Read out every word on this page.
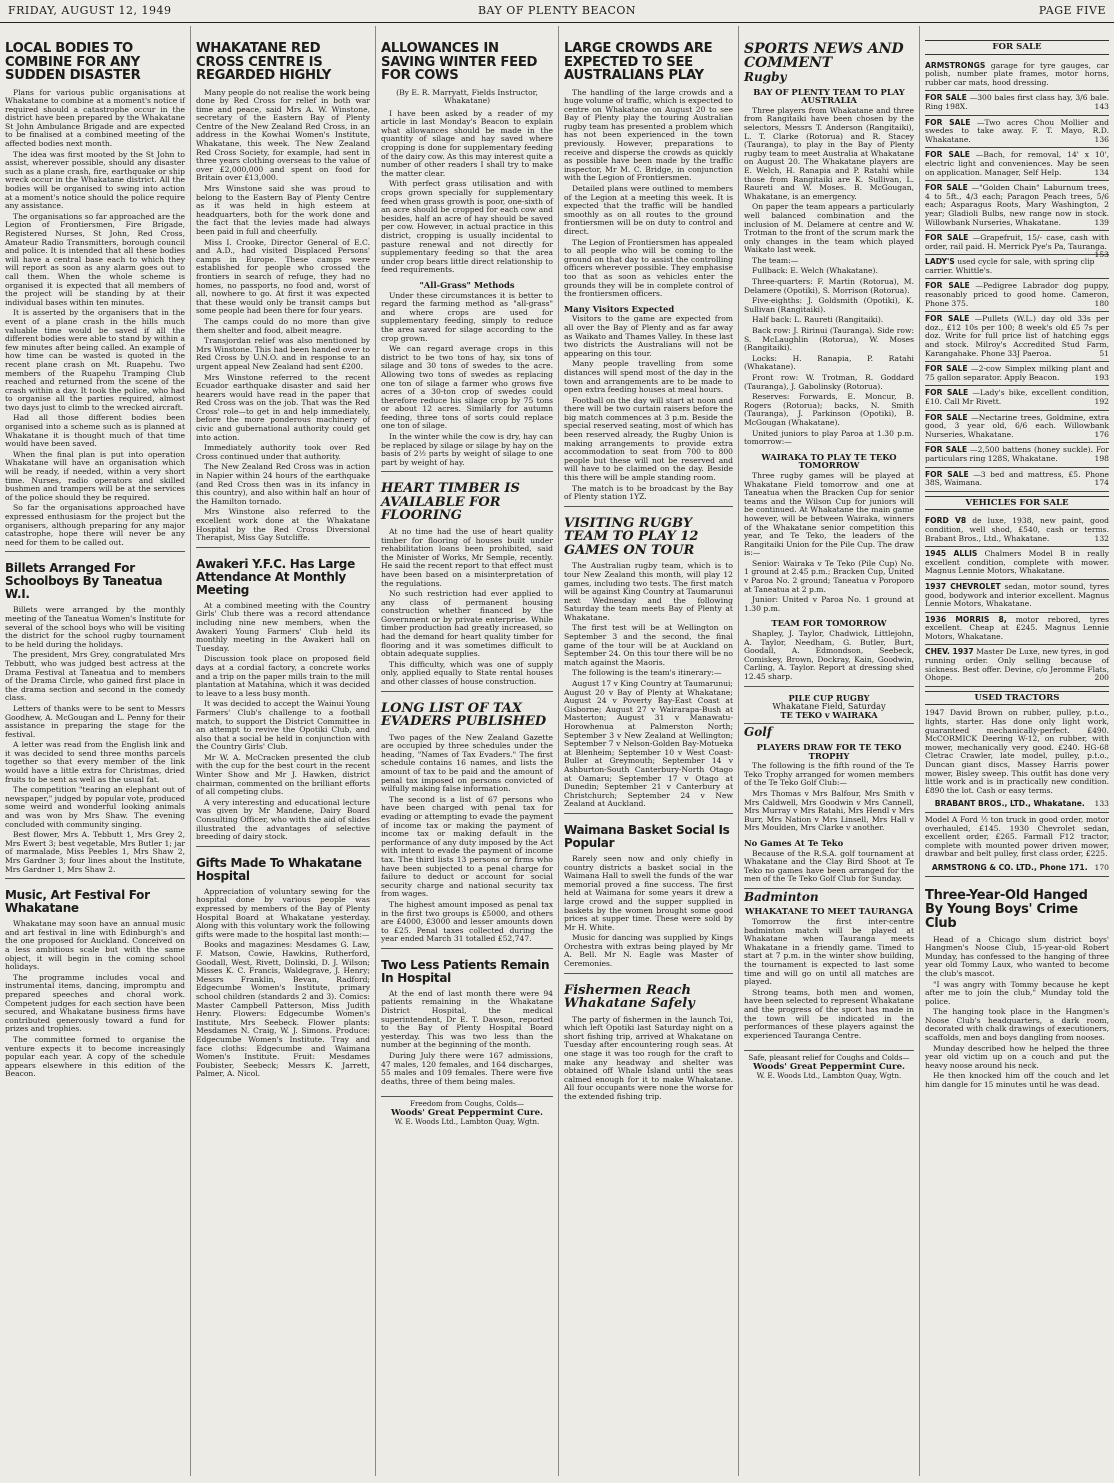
FRIDAY, AUGUST 12, 1949	BAY OF PLENTY BEACON	PAGE FIVE
LOCAL BODIES TO COMBINE FOR ANY SUDDEN DISASTER

Plans for various public organisations at Whakatane to combine at a moment's notice if required should a catastrophe occur in the district have been prepared by the Whakatane St John Ambulance Brigade and are expected to be finalised at a combined meeting of the affected bodies next month.

The idea was first mooted by the St John to assist, wherever possible, should any disaster such as a plane crash, fire, earthquake or ship wreck occur in the Whakatane district. All the bodies will be organised to swing into action at a moment's notice should the police require any assistance.

The organisations so far approached are the Legion of Frontiersmen, Fire Brigade, Registered Nurses, St John, Red Cross, Amateur Radio Transmitters, borough council and police. It is intended that all these bodies will have a central base each to which they will report as soon as any alarm goes out to call them. When the whole scheme is organised it is expected that all members of the project will be standing by at their individual bases within ten minutes.

It is asserted by the organisers that in the event of a plane crash in the hills much valuable time would be saved if all the different bodies were able to stand by within a few minutes after being called. An example of how time can be wasted is quoted in the recent plane crash on Mt. Ruapehu. Two members of the Ruapehu Tramping Club reached and returned from the scene of the crash within a day. It took the police, who had to organise all the parties required, almost two days just to climb to the wrecked aircraft.

Had all those different bodies been organised into a scheme such as is planned at Whakatane it is thought much of that time would have been saved.

When the final plan is put into operation Whakatane will have an organisation which will be ready, if needed, within a very short time. Nurses, radio operators and skilled bushmen and trampers will be at the services of the police should they be required.

So far the organisations approached have expressed enthusiasm for the project but the organisers, although preparing for any major catastrophe, hope there will never be any need for them to be called out.

Billets Arranged For Schoolboys By Taneatua W.I.

Billets were arranged by the monthly meeting of the Taneatua Women's Institute for several of the school boys who will be visiting the district for the school rugby tournament to be held during the holidays.

The president, Mrs Grey, congratulated Mrs Tebbutt, who was judged best actress at the Drama Festival at Taneatua and to members of the Drama Circle, who gained first place in the drama section and second in the comedy class.

Letters of thanks were to be sent to Messrs Goodhew, A. McGougan and L. Penny for their assistance in preparing the stage for the festival.

A letter was read from the English link and it was decided to send three months parcels together so that every member of the link would have a little extra for Christmas, dried fruits to be sent as well as the usual fat.

The competition "tearing an elephant out of newspaper," judged by popular vote, produced some weird and wonderful looking animals and was won by Mrs Shaw. The evening concluded with community singing.

Best flower, Mrs A. Tebbutt 1, Mrs Grey 2, Mrs Ewert 3; best vegetable, Mrs Butler 1; jar of marmalade, Miss Peebles 1, Mrs Shaw 2, Mrs Gardner 3; four lines about the Institute, Mrs Gardner 1, Mrs Shaw 2.

Music, Art Festival For Whakatane

Whakatane may soon have an annual music and art festival in line with Edinburgh's and the one proposed for Auckland. Conceived on a less ambitious scale but with the same object, it will begin in the coming school holidays.

The programme includes vocal and instrumental items, dancing, impromptu and prepared speeches and choral work. Competent judges for each section have been secured, and Whakatane business firms have contributed generously toward a fund for prizes and trophies.

The committee formed to organise the venture expects it to become increasingly popular each year. A copy of the schedule appears elsewhere in this edition of the Beacon.

WHAKATANE RED CROSS CENTRE IS REGARDED HIGHLY

Many people do not realise the work being done by Red Cross for relief in both war time and peace, said Mrs A. W. Winstone, secretary of the Eastern Bay of Plenty Centre of the New Zealand Red Cross, in an address in the Kowhai Women's Institute, Whakatane, this week. The New Zealand Red Cross Society, for example, had sent in three years clothing overseas to the value of over £2,000,000 and spent on food for Britain over £13,000.

Mrs Winstone said she was proud to belong to the Eastern Bay of Plenty Centre as it was held in high esteem at headquarters, both for the work done and the fact that the levies made had always been paid in full and cheerfully.

Miss I. Crooke, Director General of E.C. and A.D., had visited Displaced Persons' camps in Europe. These camps were established for people who crossed the frontiers in search of refuge, they had no homes, no passports, no food and, worst of all, nowhere to go. At first it was expected that these would only be transit camps but some people had been there for four years.

The camps could do no more than give them shelter and food, albeit meagre.

Transjordan relief was also mentioned by Mrs Winstone. This had been handed over to Red Cross by U.N.O. and in response to an urgent appeal New Zealand had sent £200.

Mrs Winstone referred to the recent Ecuador earthquake disaster and said her hearers would have read in the paper that Red Cross was on the job. That was the Red Cross' role—to get in and help immediately, before the more ponderous machinery of civic and gubernational authority could get into action.

Immediately authority took over Red Cross continued under that authority.

The New Zealand Red Cross was in action in Napier within 24 hours of the earthquake (and Red Cross then was in its infancy in this country), and also within half an hour of the Hamilton tornado.

Mrs Winstone also referred to the excellent work done at the Whakatane Hospital by the Red Cross Diversional Therapist, Miss Gay Sutcliffe.

Awakeri Y.F.C. Has Large Attendance At Monthly Meeting

At a combined meeting with the Country Girls' Club there was a record attendance including nine new members, when the Awakeri Young Farmers' Club held its monthly meeting in the Awakeri hall on Tuesday.

Discussion took place on proposed field days at a cordial factory, a concrete works and a trip on the paper mills train to the mill plantation at Matahina, which it was decided to leave to a less busy month.

It was decided to accept the Wainui Young Farmers' Club's challenge to a football match, to support the District Committee in an attempt to revive the Opotiki Club, and also that a social be held in conjunction with the Country Girls' Club.

Mr W. A. McCracken presented the club with the cup for the best court in the recent Winter Show and Mr J. Hawken, district chairman, commented on the brilliant efforts of all competing clubs.

A very interesting and educational lecture was given by Mr Mandene, Dairy Board Consulting Officer, who with the aid of slides illustrated the advantages of selective breeding of dairy stock.

Gifts Made To Whakatane Hospital

Appreciation of voluntary sewing for the hospital done by various people was expressed by members of the Bay of Plenty Hospital Board at Whakatane yesterday. Along with this voluntary work the following gifts were made to the hospital last month:—

Books and magazines: Mesdames G. Law, F. Matson, Cowie, Hawkins, Rutherford, Goodall, West, Rivett, Dolinski, D. J. Wilson; Misses K. C. Francis, Waldegrave, J. Henry; Messrs Franklin, Bevan, Radford; Edgecumbe Women's Institute, primary school children (standards 2 and 3). Comics: Master Campbell Patterson, Miss Judith Henry. Flowers: Edgecumbe Women's Institute, Mrs Seebeck. Flower plants: Mesdames N. Craig, W. J. Simons. Produce: Edgecumbe Women's Institute. Tray and face cloths: Edgecumbe and Waimana Women's Institute. Fruit: Mesdames Foubister, Seebeck; Messrs K. Jarrett, Palmer, A. Nicol.

ALLOWANCES IN SAVING WINTER FEED FOR COWS
(By E. R. Marryatt, Fields Instructor, Whakatane)

I have been asked by a reader of my article in last Monday's Beacon to explain what allowances should be made in the quantity of silage and hay saved where cropping is done for supplementary feeding of the dairy cow. As this may interest quite a number of other readers I shall try to make the matter clear.

With perfect grass utilisation and with crops grown specially for supplementary feed when grass growth is poor, one-sixth of an acre should be cropped for each cow and besides, half an acre of hay should be saved per cow. However, in actual practice in this district, cropping is usually incidental to pasture renewal and not directly for supplementary feeding so that the area under crop bears little direct relationship to feed requirements.

"All-Grass" Methods

Under these circumstances it is better to regard the farming method as "all-grass" and where crops are used for supplementary feeding, simply to reduce the area saved for silage according to the crop grown.

We can regard average crops in this district to be two tons of hay, six tons of silage and 30 tons of swedes to the acre. Allowing two tons of swedes as replacing one ton of silage a farmer who grows five acres of a 30-ton crop of swedes could therefore reduce his silage crop by 75 tons or about 12 acres. Similarly for autumn feeding, three tons of sorts could replace one ton of silage.

In the winter while the cow is dry, hay can be replaced by silage or silage by hay on the basis of 2½ parts by weight of silage to one part by weight of hay.

HEART TIMBER IS AVAILABLE FOR FLOORING

At no time had the use of heart quality timber for flooring of houses built under rehabilitation loans been prohibited, said the Minister of Works, Mr Semple, recently. He said the recent report to that effect must have been based on a misinterpretation of the regulations.

No such restriction had ever applied to any class of permanent housing construction whether financed by the Government or by private enterprise. While timber production had greatly increased, so had the demand for heart quality timber for flooring and it was sometimes difficult to obtain adequate supplies.

This difficulty, which was one of supply only, applied equally to State rental houses and other classes of house construction.

LONG LIST OF TAX EVADERS PUBLISHED

Two pages of the New Zealand Gazette are occupied by three schedules under the heading, "Names of Tax Evaders." The first schedule contains 16 names, and lists the amount of tax to be paid and the amount of penal tax imposed on persons convicted of wilfully making false information.

The second is a list of 67 persons who have been charged with penal tax for evading or attempting to evade the payment of income tax or making the payment of income tax or making default in the performance of any duty imposed by the Act with intent to evade the payment of income tax. The third lists 13 persons or firms who have been subjected to a penal charge for failure to deduct or account for social security charge and national security tax from wages.

The highest amount imposed as penal tax in the first two groups is £5000, and others are £4000, £3000 and lesser amounts down to £25. Penal taxes collected during the year ended March 31 totalled £52,747.

Two Less Patients Remain In Hospital

At the end of last month there were 94 patients remaining in the Whakatane District Hospital, the medical superintendent, Dr E. T. Dawson, reported to the Bay of Plenty Hospital Board yesterday. This was two less than the number at the beginning of the month.

During July there were 167 admissions, 47 males, 120 females, and 164 discharges, 55 males and 109 females. There were five deaths, three of them being males.

Freedom from Coughs, Colds—
Woods' Great Peppermint Cure.
W. E. Woods Ltd., Lambton Quay, Wgtn.
LARGE CROWDS ARE EXPECTED TO SEE AUSTRALIANS PLAY

The handling of the large crowds and a huge volume of traffic, which is expected to centre on Whakatane on August 20 to see Bay of Plenty play the touring Australian rugby team has presented a problem which has not been experienced in the town previously. However, preparations to receive and disperse the crowds as quickly as possible have been made by the traffic inspector, Mr M. C. Bridge, in conjunction with the Legion of Frontiersmen.

Detailed plans were outlined to members of the Legion at a meeting this week. It is expected that the traffic will be handled smoothly as on all routes to the ground frontiersmen will be on duty to control and direct.

The Legion of Frontiersmen has appealed to all people who will be coming to the ground on that day to assist the controlling officers wherever possible. They emphasise too that as soon as vehicles enter the grounds they will be in complete control of the frontiersmen officers.

Many Visitors Expected

Visitors to the game are expected from all over the Bay of Plenty and as far away as Waikato and Thames Valley. In these last two districts the Australians will not be appearing on this tour.

Many people travelling from some distances will spend most of the day in the town and arrangements are to be made to open extra feeding houses at meal hours.

Football on the day will start at noon and there will be two curtain raisers before the big match commences at 3 p.m. Beside the special reserved seating, most of which has been reserved already, the Rugby Union is making arrangements to provide extra accommodation to seat from 700 to 800 people but these will not be reserved and will have to be claimed on the day. Beside this there will be ample standing room.

The match is to be broadcast by the Bay of Plenty station 1YZ.

VISITING RUGBY TEAM TO PLAY 12 GAMES ON TOUR

The Australian rugby team, which is to tour New Zealand this month, will play 12 games, including two tests. The first match will be against King Country at Taumarunui next Wednesday and the following Saturday the team meets Bay of Plenty at Whakatane.

The first test will be at Wellington on September 3 and the second, the final game of the tour will be at Auckland on September 24. On this tour there will be no match against the Maoris.

The following is the team's itinerary:—

August 17 v King Country at Taumarunui; August 20 v Bay of Plenty at Whakatane; August 24 v Poverty Bay-East Coast at Gisborne; August 27 v Wairarapa-Bush at Masterton; August 31 v Manawatu-Horowhenua at Palmerston North; September 3 v New Zealand at Wellington; September 7 v Nelson-Golden Bay-Motueka at Blenheim; September 10 v West Coast-Buller at Greymouth; September 14 v Ashburton-South Canterbury-North Otago at Oamaru; September 17 v Otago at Dunedin; September 21 v Canterbury at Christchurch; September 24 v New Zealand at Auckland.

Waimana Basket Social Is Popular

Rarely seen now and only chiefly in country districts a basket social in the Waimana Hall to swell the funds of the war memorial proved a fine success. The first held at Waimana for some years it drew a large crowd and the supper supplied in baskets by the women brought some good prices at supper time. These were sold by Mr H. White.

Music for dancing was supplied by Kings Orchestra with extras being played by Mr A. Bell. Mr N. Eagle was Master of Ceremonies.

Fishermen Reach Whakatane Safely

The party of fishermen in the launch Toi, which left Opotiki last Saturday night on a short fishing trip, arrived at Whakatane on Tuesday after encountering rough seas. At one stage it was too rough for the craft to make any headway and shelter was obtained off Whale Island until the seas calmed enough for it to make Whakatane. All four occupants were none the worse for the extended fishing trip.

SPORTS NEWS AND COMMENT
Rugby
BAY OF PLENTY TEAM TO PLAY AUSTRALIA

Three players from Whakatane and three from Rangitaiki have been chosen by the selectors, Messrs T. Anderson (Rangitaiki), L. T. Clarke (Rotorua) and R. Stacey (Tauranga), to play in the Bay of Plenty rugby team to meet Australia at Whakatane on August 20. The Whakatane players are E. Welch, H. Ranapia and P. Ratahi while those from Rangitaiki are K. Sullivan, L. Raureti and W. Moses. B. McGougan, Whakatane, is an emergency.

On paper the team appears a particularly well balanced combination and the inclusion of M. Delamere at centre and W. Trotman to the front of the scrum mark the only changes in the team which played Waikato last week.

The team:—

Fullback: E. Welch (Whakatane).

Three-quarters: F. Martin (Rotorua), M. Delamere (Opotiki), S. Morrison (Rotorua).

Five-eighths: J. Goldsmith (Opotiki), K. Sullivan (Rangitaiki).

Half back: L. Raureti (Rangitaiki).

Back row: J. Ririnui (Tauranga). Side row: S. McLaughlin (Rotorua), W. Moses (Rangitaiki).

Locks: H. Ranapia, P. Ratahi (Whakatane).

Front row: W. Trotman, R. Goddard (Tauranga), J. Gabolinsky (Rotorua).

Reserves: Forwards, E. Moncur, B. Rogers (Rotorua); backs, N. Smith (Tauranga), J. Parkinson (Opotiki), B. McGougan (Whakatane).

United juniors to play Paroa at 1.30 p.m. tomorrow:—

WAIRAKA TO PLAY TE TEKO TOMORROW

Three rugby games will be played at Whakatane Field tomorrow and one at Taneatua when the Bracken Cup for senior teams and the Wilson Cup for juniors will be continued. At Whakatane the main game however, will be between Wairaka, winners of the Whakatane senior competition this year, and Te Teko, the leaders of the Rangitaiki Union for the Pile Cup. The draw is:—

Senior: Wairaka v Te Teko (Pile Cup) No. 1 ground at 2.45 p.m.; Bracken Cup, United v Paroa No. 2 ground; Taneatua v Poroporo at Taneatua at 2 p.m.

Junior: United v Paroa No. 1 ground at 1.30 p.m.

TEAM FOR TOMORROW

Shapley, J. Taylor, Chadwick, Littlejohn, A. Taylor, Needham, G. Butler, Burt, Goodall, A. Edmondson, Seebeck, Comiskey, Brown, Dockray, Kain, Goodwin, Carling, A. Taylor. Report at dressing shed 12.45 sharp.

PILE CUP RUGBY
Whakatane Field, Saturday
TE TEKO v WAIRAKA
Golf
PLAYERS DRAW FOR TE TEKO TROPHY

The following is the fifth round of the Te Teko Trophy arranged for women members of the Te Teko Golf Club:—

Mrs Thomas v Mrs Balfour, Mrs Smith v Mrs Caldwell, Mrs Goodwin v Mrs Cannell, Mrs Murray v Mrs Ratahi, Mrs Hendl v Mrs Burr, Mrs Nation v Mrs Linsell, Mrs Hall v Mrs Moulden, Mrs Clarke v another.

No Games At Te Teko

Because of the R.S.A. golf tournament at Whakatane and the Clay Bird Shoot at Te Teko no games have been arranged for the men of the Te Teko Golf Club for Sunday.

Badminton
WHAKATANE TO MEET TAURANGA

Tomorrow the first inter-centre badminton match will be played at Whakatane when Tauranga meets Whakatane in a friendly game. Timed to start at 7 p.m. in the winter show building, the tournament is expected to last some time and will go on until all matches are played.

Strong teams, both men and women, have been selected to represent Whakatane and the progress of the sport has made in the town will be indicated in the performances of these players against the experienced Tauranga Centre.

Safe, pleasant relief for Coughs and Colds—
Woods' Great Peppermint Cure.
W. E. Woods Ltd., Lambton Quay, Wgtn.
FOR SALE
ARMSTRONGS garage for tyre gauges, car polish, number plate frames, motor horns, rubber car mats, hood dressing.
FOR SALE —300 bales first class hay, 3/6 bale. Ring 198X.	143
FOR SALE —Two acres Chou Mollier and swedes to take away. F. T. Mayo, R.D. Whakatane.	136
FOR SALE —Bach, for removal, 14' x 10', electric light and conveniences. May be seen on application. Manager, Self Help.	134
FOR SALE —"Golden Chain" Laburnum trees, 4 to 5ft., 4/3 each; Paragon Peach trees, 5/6 each; Asparagus Roots, Mary Washington, 2 year; Gladioli Bulbs, new range now in stock. Willowbank Nurseries, Whakatane.	139
FOR SALE —Grapefruit, 15/- case, cash with order, rail paid. H. Merrick Pye's Pa, Tauranga.
153
LADY'S used cycle for sale, with spring clip carrier. Whittle's.
FOR SALE —Pedigree Labrador dog puppy, reasonably priced to good home. Cameron, Phone 375.	180
FOR SALE —Pullets (W.L.) day old 33s per doz., £12 10s per 100; 8 week's old £5 7s per doz. Write for full price list of hatching eggs and stock. Milroy's Accredited Stud Farm, Karangahake. Phone 33J Paeroa.	51
FOR SALE —2-cow Simplex milking plant and 75 gallon separator. Apply Beacon.	193
FOR SALE —Lady's bike, excellent condition, £10. Call Mr Rivett.	192
FOR SALE —Nectarine trees, Goldmine, extra good, 3 year old, 6/6 each. Willowbank Nurseries, Whakatane.	176
FOR SALE —2,500 battens (honey suckle). For particulars ring 128S, Whakatane.	198
FOR SALE —3 bed and mattress, £5. Phone 38S, Waimana.	174
VEHICLES FOR SALE
FORD V8 de luxe, 1938, new paint, good condition, well shod, £540, cash or terms. Brabant Bros., Ltd., Whakatane.	132
1945 ALLIS Chalmers Model B in really excellent condition, complete with mower. Magnus Lennie Motors, Whakatane.
1937 CHEVROLET sedan, motor sound, tyres good, bodywork and interior excellent. Magnus Lennie Motors, Whakatane.
1936 MORRIS 8, motor rebored, tyres excellent. Cheap at £245. Magnus Lennie Motors, Whakatane.
CHEV. 1937 Master De Luxe, new tyres, in god running order. Only selling because of sickness. Best offer. Devine, c/o Jeromme Flats, Ohope.	200
USED TRACTORS

1947 David Brown on rubber, pulley, p.t.o., lights, starter. Has done only light work, guaranteed mechanically-perfect. £490. McCORMICK Deering W-12, on rubber, with mower, mechanically very good. £240. HG-68 Cletrac Crawler, late model, pulley, p.t.o., Duncan giant discs, Massey Harris power mower, Bisley sweep. This outfit has done very little work and is in practically new condition. £890 the lot. Cash or easy terms.

BRABANT BROS., LTD., Whakatane. 133

Model A Ford ½ ton truck in good order, motor overhauled, £145. 1930 Chevrolet sedan, excellent order, £265. Farmall F12 tractor, complete with mounted power driven mower, drawbar and belt pulley, first class order, £225.

ARMSTRONG & CO. LTD., Phone 171. 170
Three-Year-Old Hanged By Young Boys' Crime Club

Head of a Chicago slum district boys' Hangmen's Noose Club, 15-year-old Robert Munday, has confessed to the hanging of three year old Tommy Laux, who wanted to become the club's mascot.

"I was angry with Tommy because he kept after me to join the club," Munday told the police.

The hanging took place in the Hangmen's Noose Club's headquarters, a dark room, decorated with chalk drawings of executioners, scaffolds, men and boys dangling from nooses.

Munday described how he helped the three year old victim up on a couch and put the heavy noose around his neck.

He then knocked him off the couch and let him dangle for 15 minutes until he was dead.
